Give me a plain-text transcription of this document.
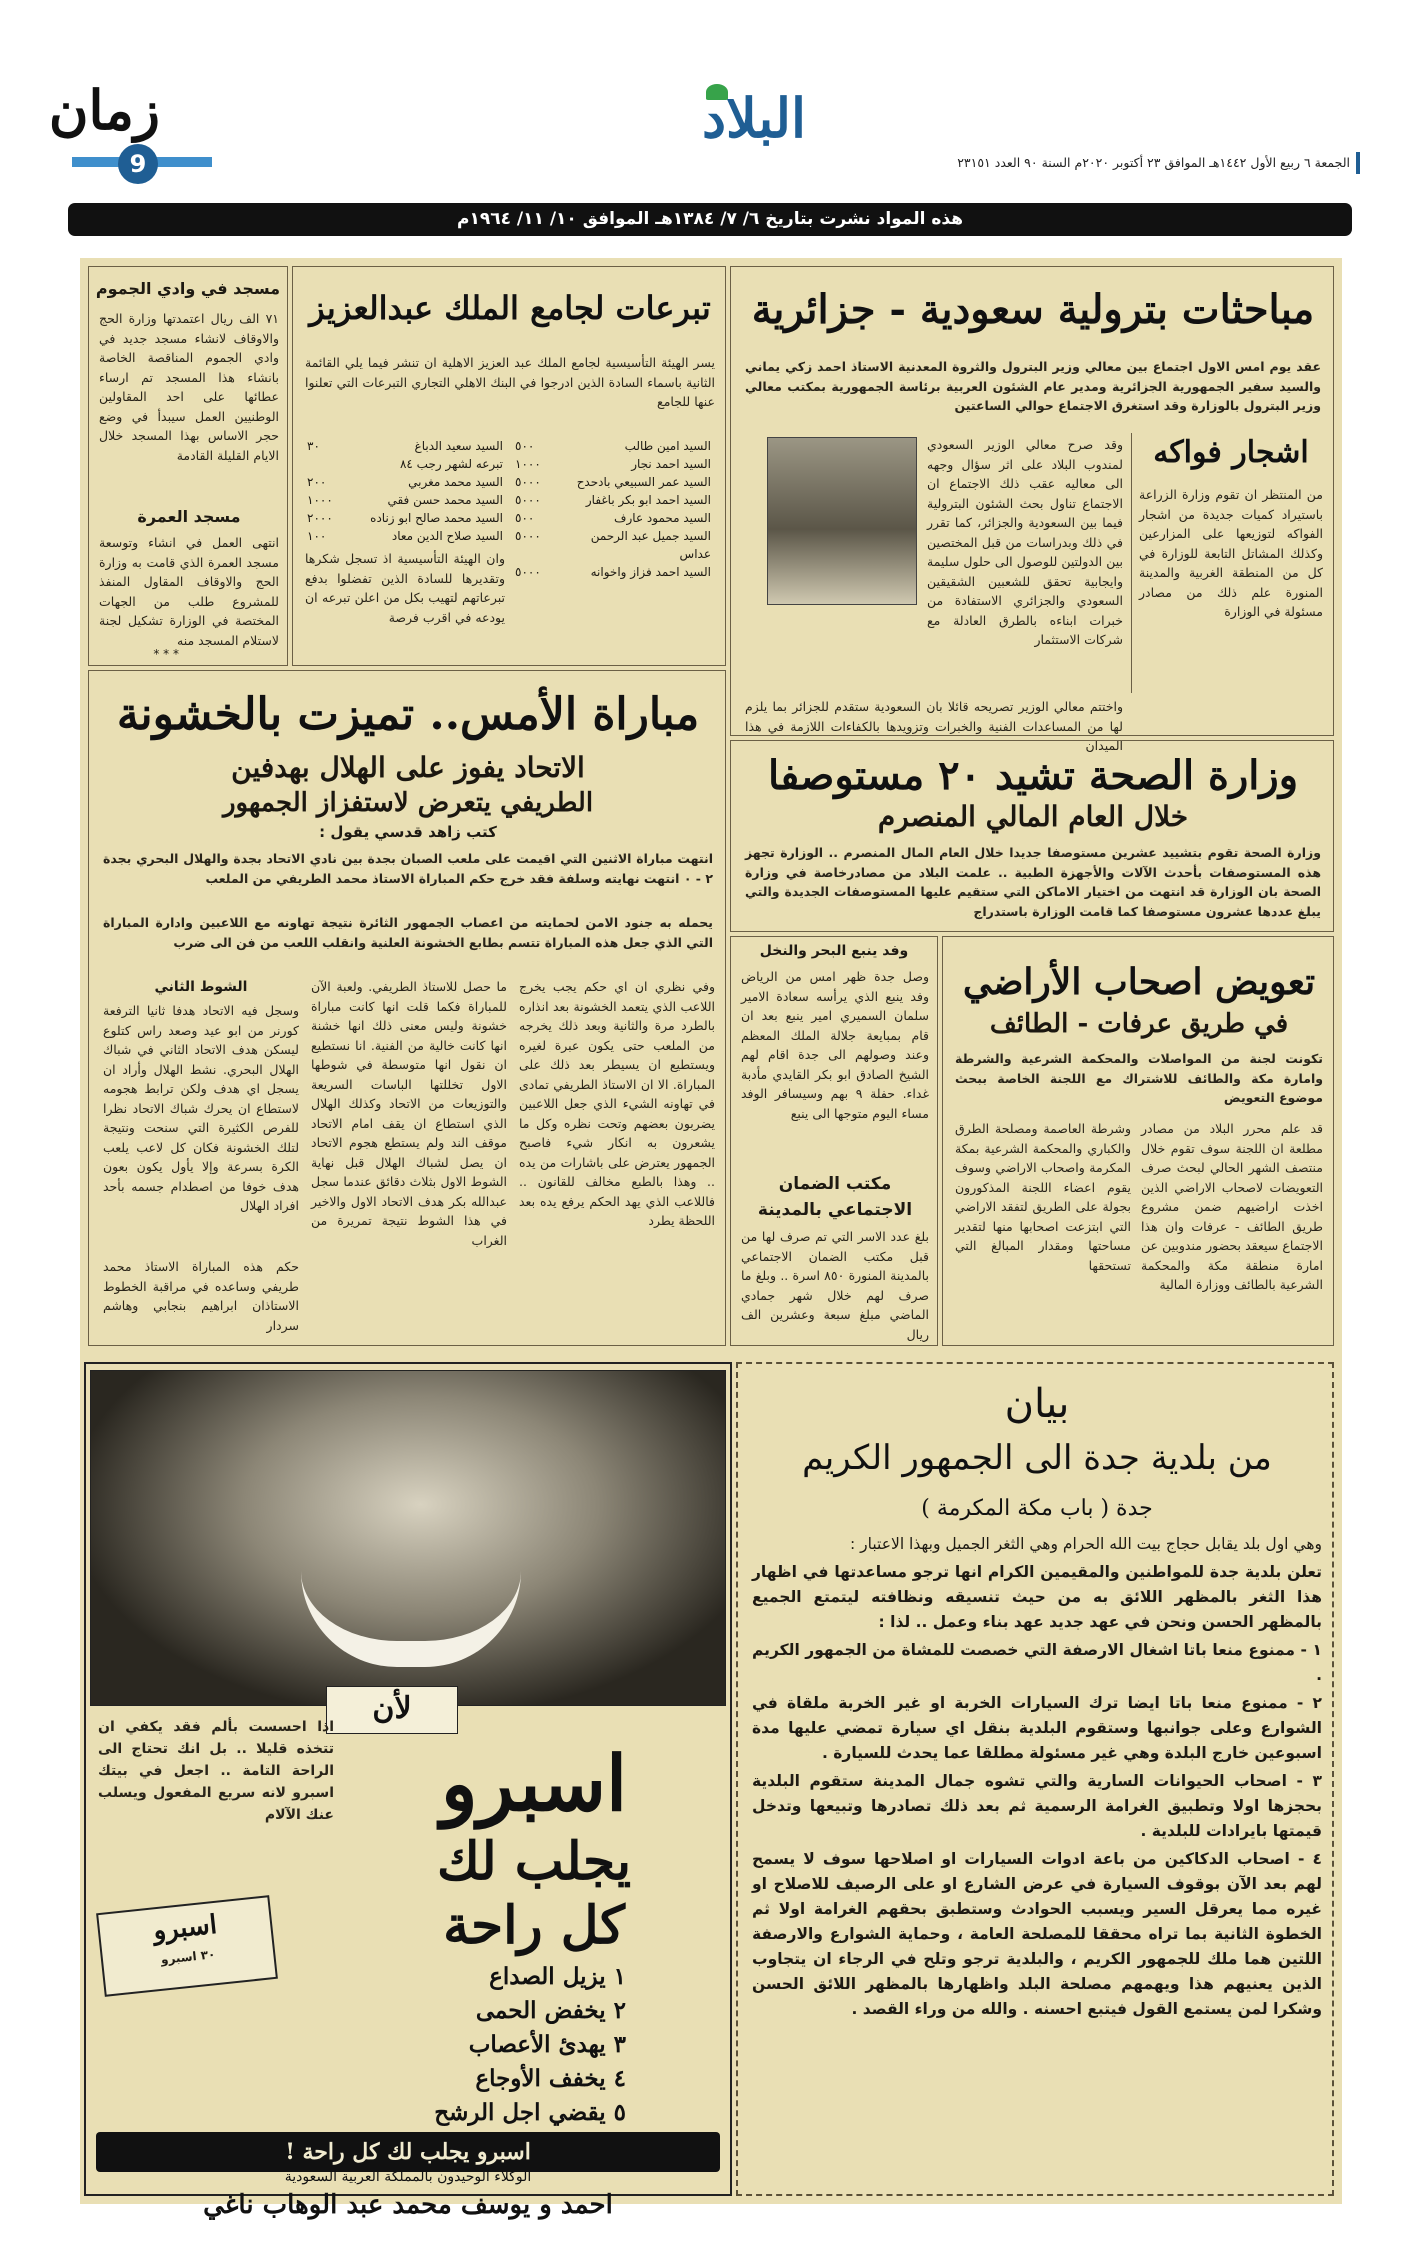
زمان
9
البلاد
الجمعة ٦ ربيع الأول ١٤٤٢هـ الموافق ٢٣ أكتوبر ٢٠٢٠م السنة ٩٠ العدد ٢٣١٥١
هذه المواد نشرت بتاريخ ٦/ ٧/ ١٣٨٤هـ الموافق ١٠/ ١١/ ١٩٦٤م
مباحثات بترولية سعودية - جزائرية
عقد يوم امس الاول اجتماع بين معالي وزير البترول والثروة المعدنية الاستاذ احمد زكي يماني والسيد سفير الجمهورية الجزائرية ومدير عام الشئون العربية برئاسة الجمهورية بمكتب معالي وزير البترول بالوزارة وقد استغرق الاجتماع حوالي الساعتين
وقد صرح معالي الوزير السعودي لمندوب البلاد على اثر سؤال وجهه الى معاليه عقب ذلك الاجتماع ان الاجتماع تناول بحث الشئون البترولية فيما بين السعودية والجزائر، كما تقرر في ذلك وبدراسات من قبل المختصين بين الدولتين للوصول الى حلول سليمة وايجابية تحقق للشعبين الشقيقين السعودي والجزائري الاستفادة من خبرات ابناءه بالطرق العادلة مع شركات الاستثمار
واختتم معالي الوزير تصريحه قائلا بان السعودية ستقدم للجزائر بما يلزم لها من المساعدات الفنية والخبرات وتزويدها بالكفاءات اللازمة في هذا الميدان
اشجار فواكه
من المنتظر ان تقوم وزارة الزراعة باستيراد كميات جديدة من اشجار الفواكه لتوزيعها على المزارعين وكذلك المشاتل التابعة للوزارة في كل من المنطقة الغربية والمدينة المنورة علم ذلك من مصادر مسئولة في الوزارة
تبرعات لجامع الملك عبدالعزيز
يسر الهيئة التأسيسية لجامع الملك عبد العزيز الاهلية ان تنشر فيما يلي القائمة الثانية باسماء السادة الذين ادرجوا في البنك الاهلي التجاري التبرعات التي تعلنوا عنها للجامع
السيد امين طالب	٥٠٠
السيد احمد نجار	١٠٠٠
السيد عمر السبيعي بادحدح	٥٠٠٠
السيد احمد ابو بكر باغفار	٥٠٠٠
السيد محمود عارف	٥٠٠
السيد جميل عبد الرحمن عداس	٥٠٠٠
السيد احمد فزاز واخوانه	٥٠٠٠
السيد سعيد الدباغ	٣٠
تبرعه لشهر رجب ٨٤	
السيد محمد مغربي	٢٠٠
السيد محمد حسن فقي	١٠٠٠
السيد محمد صالح ابو زناده	٢٠٠٠
السيد صلاح الدين معاد	١٠٠
وان الهيئة التأسيسية اذ تسجل شكرها وتقديرها للسادة الذين تفضلوا بدفع تبرعاتهم لتهيب بكل من اعلن تبرعه ان يودعه في اقرب فرصة
مسجد في وادي الجموم
٧١ الف ريال اعتمدتها وزارة الحج والاوقاف لانشاء مسجد جديد في وادي الجموم المناقصة الخاصة بانشاء هذا المسجد تم ارساء عطائها على احد المقاولين الوطنيين العمل سيبدأ في وضع حجر الاساس بهذا المسجد خلال الايام القليلة القادمة
مسجد العمرة
انتهى العمل في انشاء وتوسعة مسجد العمرة الذي قامت به وزارة الحج والاوقاف المقاول المنفذ للمشروع طلب من الجهات المختصة في الوزارة تشكيل لجنة لاستلام المسجد منه
* * *
مباراة الأمس.. تميزت بالخشونة
الاتحاد يفوز على الهلال بهدفين
الطريفي يتعرض لاستفزاز الجمهور
كتب زاهد قدسي يقول :
انتهت مباراة الاثنين التي اقيمت على ملعب الصبان بجدة بين نادي الاتحاد بجدة والهلال البحري بجدة ٢ - ٠ انتهت نهايته وسلفة فقد خرج حكم المباراة الاستاذ محمد الطريفي من الملعب
يحمله به جنود الامن لحمايته من اعصاب الجمهور الثائرة نتيجة تهاونه مع اللاعبين وادارة المباراة التي الذي جعل هذه المباراة تتسم بطابع الخشونة العلنية وانقلب اللعب من فن الى ضرب
وفي نظري ان اي حكم يجب يخرج اللاعب الذي يتعمد الخشونة بعد انذاره بالطرد مرة والثانية وبعد ذلك يخرجه من الملعب حتى يكون عبرة لغيره ويستطيع ان يسيطر بعد ذلك على المباراة. الا ان الاستاذ الطريفي تمادى في تهاونه الشيء الذي جعل اللاعبين يضربون بعضهم وتحت نظره وكل ما يشعرون به انكار شيء فاصبح الجمهور يعترض على باشارات من يده .. وهذا بالطبع مخالف للقانون .. فاللاعب الذي يهد الحكم يرفع يده بعد اللحظة يطرد
ما حصل للاستاذ الطريفي. ولعبة الآن للمباراة فكما قلت انها كانت مباراة خشونة وليس معنى ذلك انها خشنة انها كانت خالية من الفنية. انا نستطيع ان نقول انها متوسطة في شوطها الاول تخللتها الباسات السريعة والتوزيعات من الاتحاد وكذلك الهلال الذي استطاع ان يقف امام الاتحاد موقف الند ولم يستطع هجوم الاتحاد ان يصل لشباك الهلال قبل نهاية الشوط الاول بثلاث دقائق عندما سجل عبدالله بكر هدف الاتحاد الاول والاخير في هذا الشوط نتيجة تمريرة من الغراب
الشوط الثاني
وسجل فيه الاتحاد هدفا ثانيا الترفعة كورنر من ابو عيد وصعد راس كتلوع ليسكن هدف الاتحاد الثاني في شباك الهلال البحري. نشط الهلال وأراد ان يسجل اي هدف ولكن ترابط هجومه لاستطاع ان يحرك شباك الاتحاد نظرا للفرص الكثيرة التي سنحت ونتيجة لتلك الخشونة فكان كل لاعب يلعب الكرة بسرعة وإلا يأول يكون بعون هدف خوفا من اصطدام جسمه بأحد افراد الهلال
حكم هذه المباراة الاستاذ محمد طريفي وساعده في مراقبة الخطوط الاستاذان ابراهيم بنجابي وهاشم سردار
وزارة الصحة تشيد ٢٠ مستوصفا
خلال العام المالي المنصرم
وزارة الصحة تقوم بتشييد عشرين مستوصفا جديدا خلال العام المال المنصرم .. الوزارة تجهز هذه المستوصفات بأحدث الآلات والأجهزة الطبية .. علمت البلاد من مصادرخاصة في وزارة الصحة بان الوزارة قد انتهت من اختيار الاماكن التي ستقيم عليها المستوصفات الجديدة والتي يبلغ عددها عشرون مستوصفا كما قامت الوزارة باستدراج
وفد ينبع البحر والنخل
وصل جدة ظهر امس من الرياض وفد ينبع الذي يرأسه سعادة الامير سلمان السميري امير ينبع بعد ان قام بمبايعة جلالة الملك المعظم وعند وصولهم الى جدة اقام لهم الشيخ الصادق ابو بكر القايدي مأدبة غداء. حفلة ٩ بهم وسيسافر الوفد مساء اليوم متوجها الى ينبع
مكتب الضمان الاجتماعي بالمدينة
بلغ عدد الاسر التي تم صرف لها من قبل مكتب الضمان الاجتماعي بالمدينة المنورة ٨٥٠ اسرة .. وبلغ ما صرف لهم خلال شهر جمادي الماضي مبلغ سبعة وعشرين الف ريال
تعويض اصحاب الأراضي
في طريق عرفات - الطائف
تكونت لجنة من المواصلات والمحكمة الشرعية والشرطة وامارة مكة والطائف للاشتراك مع اللجنة الخاصة ببحث موضوع التعويض
قد علم محرر البلاد من مصادر مطلعة ان اللجنة سوف تقوم خلال منتصف الشهر الحالي لبحث صرف التعويضات لاصحاب الاراضي الذين اخذت اراضيهم ضمن مشروع طريق الطائف - عرفات وان هذا الاجتماع سيعقد بحضور مندوبين عن امارة منطقة مكة والمحكمة الشرعية بالطائف ووزارة المالية
وشرطة العاصمة ومصلحة الطرق والكباري والمحكمة الشرعية بمكة المكرمة واصحاب الاراضي وسوف يقوم اعضاء اللجنة المذكورون بجولة على الطريق لتفقد الاراضي التي ابتزعت اصحابها منها لتقدير مساحتها ومقدار المبالغ التي تستحقها
لأن
اسبرو
يجلب لك
كل راحة
اذا احسست بألم فقد يكفي ان تتخذه قليلا .. بل انك تحتاج الى الراحة التامة .. اجعل في بيتك اسبرو لانه سريع المفعول ويسلب عنك الآلام
اسبرو
٣٠ اسبرو
١ يزيل الصداع
٢ يخفض الحمى
٣ يهدئ الأعصاب
٤ يخفف الأوجاع
٥ يقضي اجل الرشح
اسبرو يجلب لك كل راحة !
الوكلاء الوحيدون بالمملكة العربية السعودية
احمد و يوسف محمد عبد الوهاب ناغي
بيان
من بلدية جدة الى الجمهور الكريم
جدة ( باب مكة المكرمة )

وهي اول بلد يقابل حجاج بيت الله الحرام وهي الثغر الجميل وبهذا الاعتبار :

تعلن بلدية جدة للمواطنين والمقيمين الكرام انها ترجو مساعدتها في اظهار هذا الثغر بالمظهر اللائق به من حيث تنسيقه ونظافته ليتمتع الجميع بالمظهر الحسن ونحن في عهد جديد عهد بناء وعمل .. لذا :

١ - ممنوع منعا باتا اشغال الارصفة التي خصصت للمشاة من الجمهور الكريم .

٢ - ممنوع منعا باتا ايضا ترك السيارات الخربة او غير الخربة ملقاة في الشوارع وعلى جوانبها وستقوم البلدية بنقل اي سيارة تمضي عليها مدة اسبوعين خارج البلدة وهي غير مسئولة مطلقا عما يحدث للسيارة .

٣ - اصحاب الحيوانات السارية والتي تشوه جمال المدينة ستقوم البلدية بحجزها اولا وتطبيق الغرامة الرسمية ثم بعد ذلك تصادرها وتبيعها وتدخل قيمتها بايرادات للبلدية .

٤ - اصحاب الدكاكين من باعة ادوات السيارات او اصلاحها سوف لا يسمح لهم بعد الآن بوقوف السيارة في عرض الشارع او على الرصيف للاصلاح او غيره مما يعرقل السير ويسبب الحوادث وستطبق بحقهم الغرامة اولا ثم الخطوة الثانية بما تراه محققا للمصلحة العامة ، وحماية الشوارع والارصفة اللتين هما ملك للجمهور الكريم ، والبلدية ترجو وتلح في الرجاء ان يتجاوب الذين يعنيهم هذا ويهمهم مصلحة البلد واظهارها بالمظهر اللائق الحسن وشكرا لمن يستمع القول فيتبع احسنه . والله من وراء القصد .
